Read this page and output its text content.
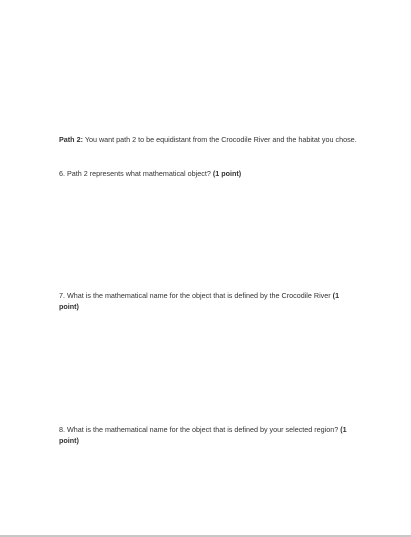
Path 2: You want path 2 to be equidistant from the Crocodile River and the habitat you chose.

6. Path 2 represents what mathematical object? (1 point)

7. What is the mathematical name for the object that is defined by the Crocodile River (1 point)

8. What is the mathematical name for the object that is defined by your selected region? (1 point)
